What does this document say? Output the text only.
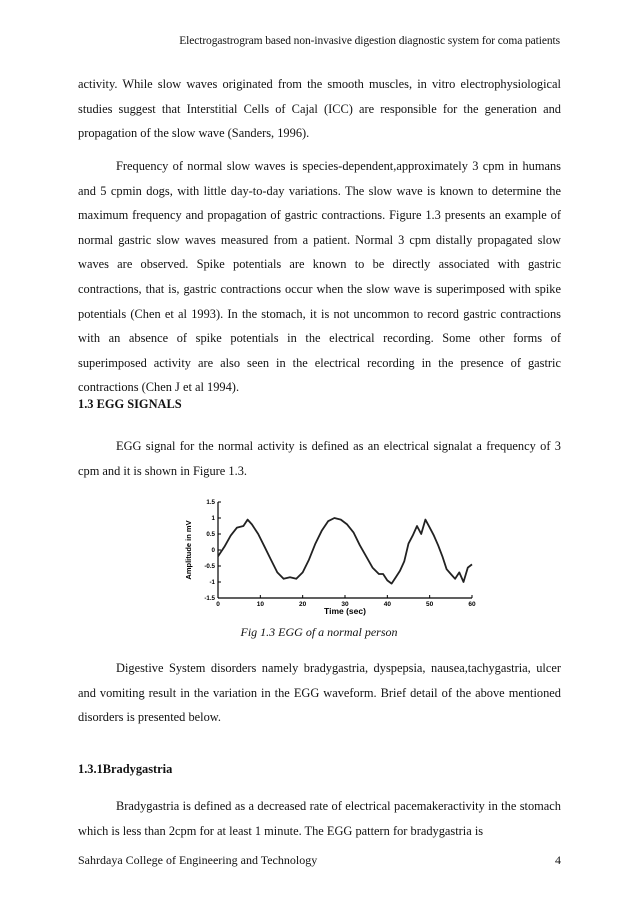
Electrogastrogram based non-invasive digestion diagnostic system for coma patients

activity. While slow waves originated from the smooth muscles, in vitro electrophysiological studies suggest that Interstitial Cells of Cajal (ICC) are responsible for the generation and propagation of the slow wave (Sanders, 1996).

Frequency of normal slow waves is species-dependent,approximately 3 cpm in humans and 5 cpmin dogs, with little day-to-day variations. The slow wave is known to determine the maximum frequency and propagation of gastric contractions. Figure 1.3 presents an example of normal gastric slow waves measured from a patient. Normal 3 cpm distally propagated slow waves are observed. Spike potentials are known to be directly associated with gastric contractions, that is, gastric contractions occur when the slow wave is superimposed with spike potentials (Chen et al 1993). In the stomach, it is not uncommon to record gastric contractions with an absence of spike potentials in the electrical recording. Some other forms of superimposed activity are also seen in the electrical recording in the presence of gastric contractions (Chen J et al 1994).

1.3 EGG SIGNALS

EGG signal for the normal activity is defined as an electrical signalat a frequency of 3 cpm and it is shown in Figure 1.3.

0	10	20	30	40	50	60
1.5
1
0.5
0
-0.5
-1
-1.5
Time (sec)
Amplitude in mV
Fig 1.3 EGG of a normal person

Digestive System disorders namely bradygastria, dyspepsia, nausea,tachygastria, ulcer and vomiting result in the variation in the EGG waveform. Brief detail of the above mentioned disorders is presented below.

1.3.1Bradygastria

Bradygastria is defined as a decreased rate of electrical pacemakeractivity in the stomach which is less than 2cpm for at least 1 minute. The EGG pattern for bradygastria is

Sahrdaya College of Engineering and Technology	4
